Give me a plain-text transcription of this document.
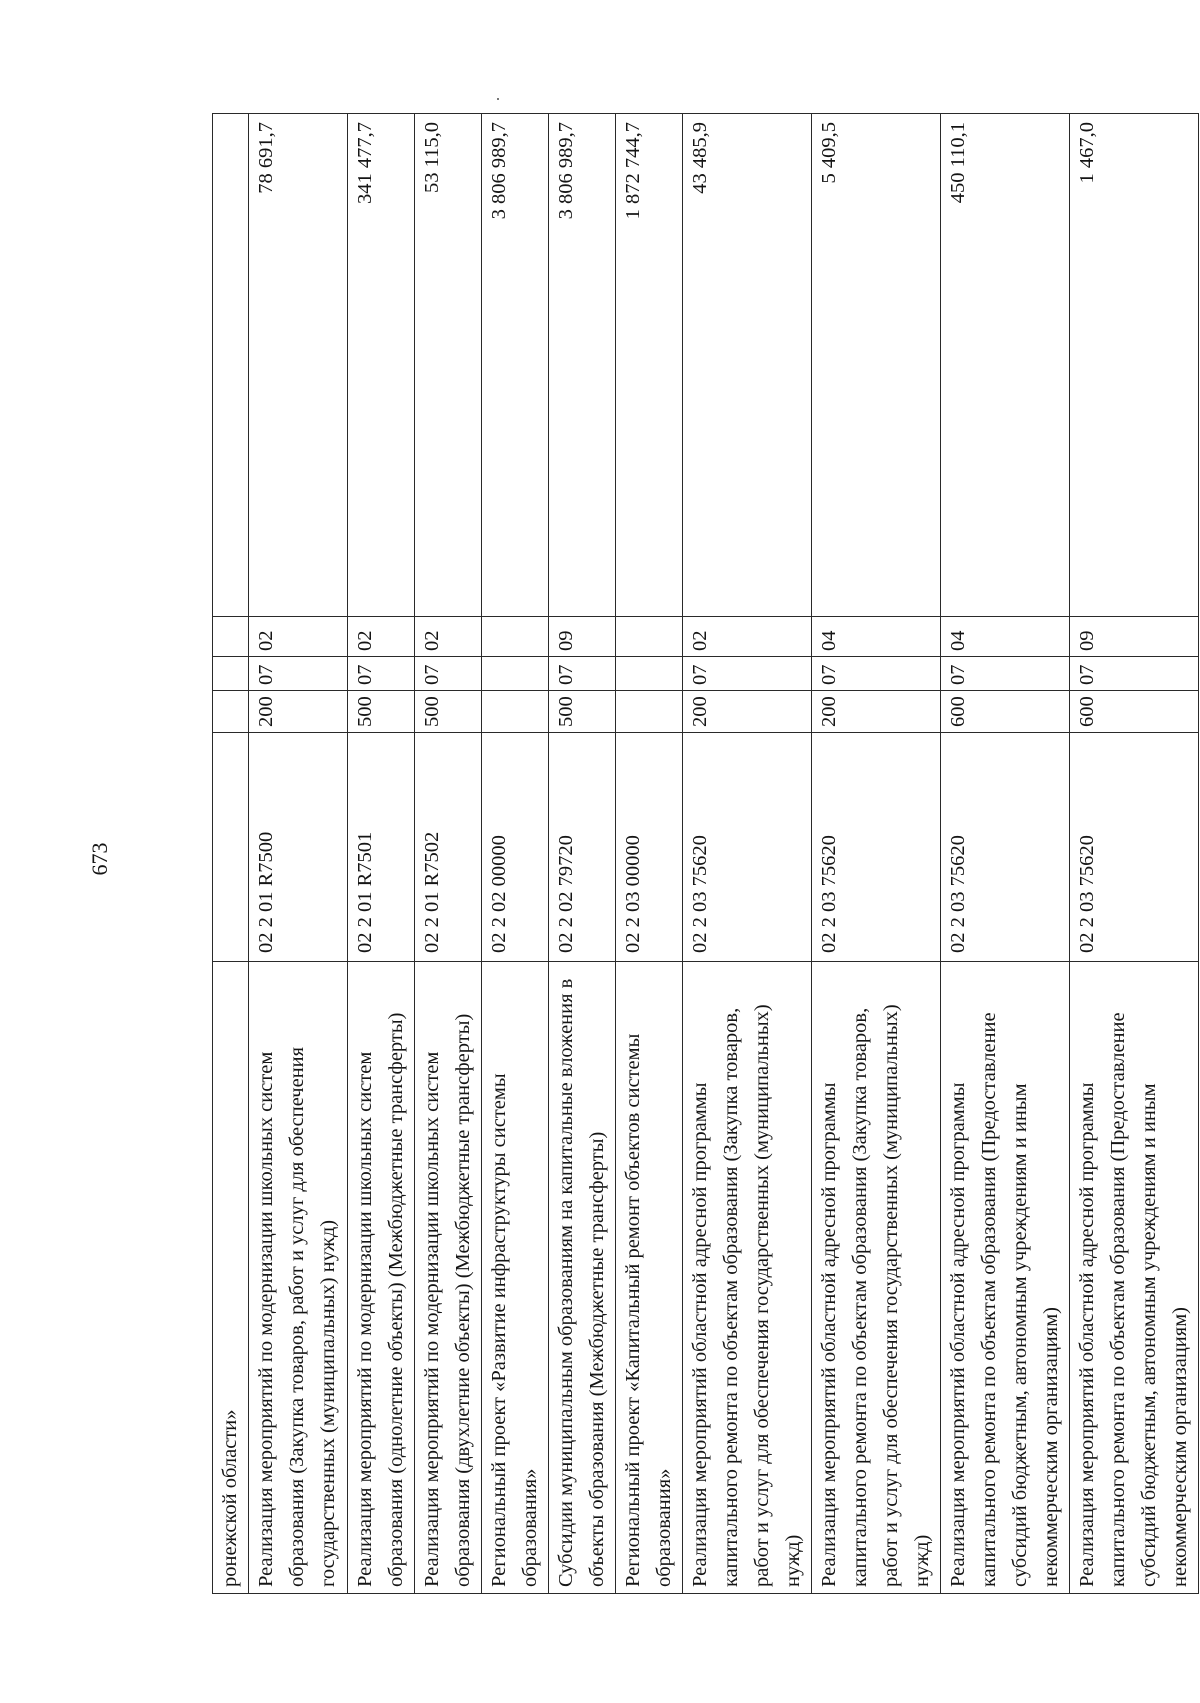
673
ронежской области»					
Реализация мероприятий по модернизации школьных систем образования (Закупка товаров, работ и услуг для обеспечения государственных (муниципальных) нужд)	02 2 01 R7500	200	07	02	78 691,7
Реализация мероприятий по модернизации школьных систем образования (однолетние объекты) (Межбюджетные трансферты)	02 2 01 R7501	500	07	02	341 477,7
Реализация мероприятий по модернизации школьных систем образования (двухлетние объекты) (Межбюджетные трансферты)	02 2 01 R7502	500	07	02	53 115,0
Региональный проект «Развитие инфраструктуры системы образования»	02 2 02 00000				3 806 989,7
Субсидии муниципальным образованиям на капитальные вложения в объекты образования (Межбюджетные трансферты)	02 2 02 79720	500	07	09	3 806 989,7
Региональный проект «Капитальный ремонт объектов системы образования»	02 2 03 00000				1 872 744,7
Реализация мероприятий областной адресной программы капитального ремонта по объектам образования (Закупка товаров, работ и услуг для обеспечения государственных (муниципальных) нужд)	02 2 03 75620	200	07	02	43 485,9
Реализация мероприятий областной адресной программы капитального ремонта по объектам образования (Закупка товаров, работ и услуг для обеспечения государственных (муниципальных) нужд)	02 2 03 75620	200	07	04	5 409,5
Реализация мероприятий областной адресной программы капитального ремонта по объектам образования (Предоставление субсидий бюджетным, автономным учреждениям и иным некоммерческим организациям)	02 2 03 75620	600	07	04	450 110,1
Реализация мероприятий областной адресной программы капитального ремонта по объектам образования (Предоставление субсидий бюджетным, автономным учреждениям и иным некоммерческим организациям)	02 2 03 75620	600	07	09	1 467,0
